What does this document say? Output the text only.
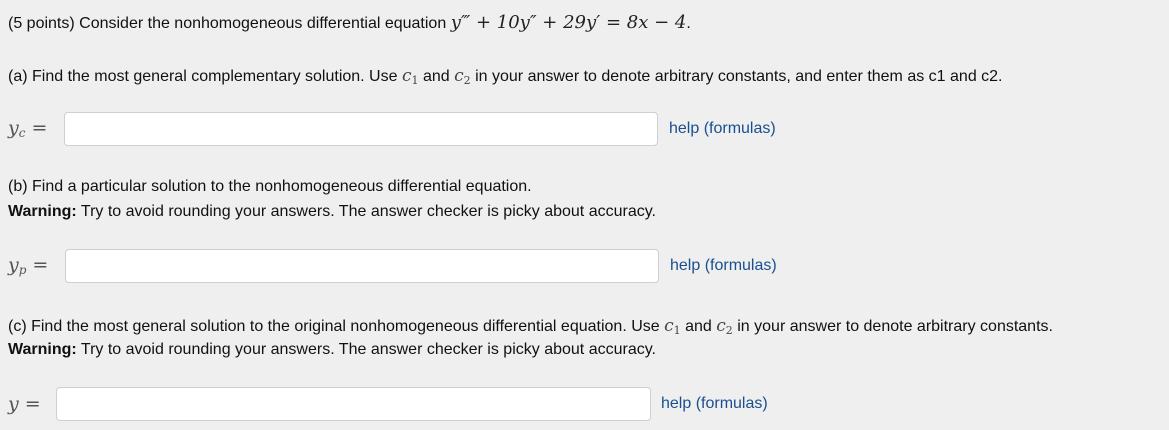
(5 points) Consider the nonhomogeneous differential equation y‴ + 10y″ + 29y′ = 8x − 4.
(a) Find the most general complementary solution. Use $c_1$ and $c_2$ in your answer to denote arbitrary constants, and enter them as c1 and c2.
$y_c$ =	help (formulas)
(b) Find a particular solution to the nonhomogeneous differential equation.
Warning: Try to avoid rounding your answers. The answer checker is picky about accuracy.
$y_p$ =	help (formulas)
(c) Find the most general solution to the original nonhomogeneous differential equation. Use $c_1$ and $c_2$ in your answer to denote arbitrary constants.
Warning: Try to avoid rounding your answers. The answer checker is picky about accuracy.
y =	help (formulas)
